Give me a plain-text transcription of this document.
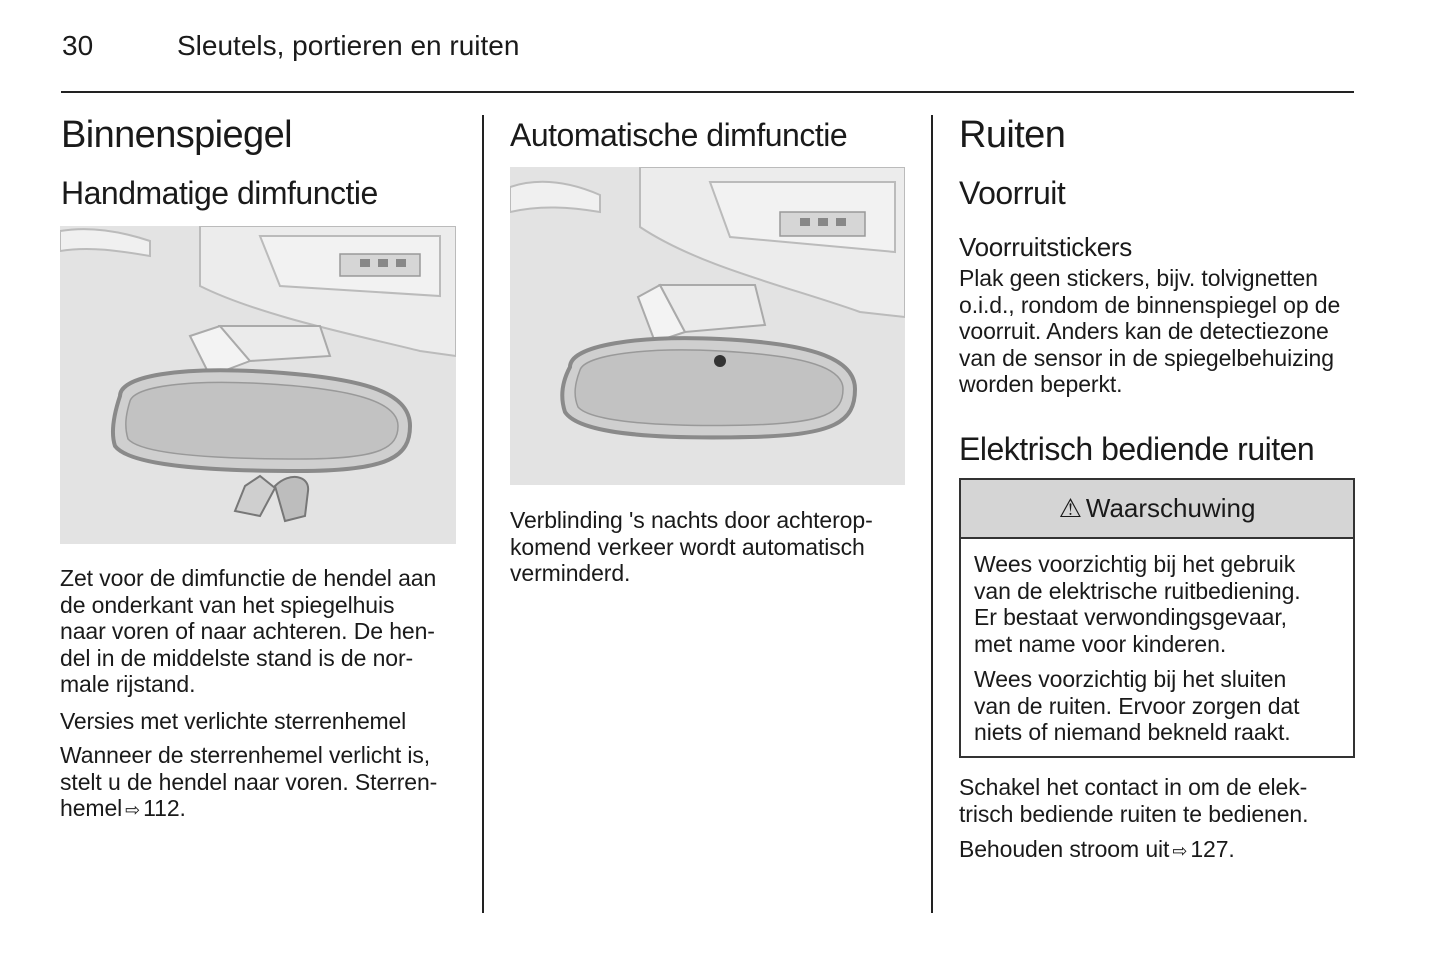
30	Sleutels, portieren en ruiten
Binnenspiegel
Handmatige dimfunctie

Zet voor de dimfunctie de hendel aan

de onderkant van het spiegelhuis

naar voren of naar achteren. De hen-

del in de middelste stand is de nor-

male rijstand.

Versies met verlichte sterrenhemel

Wanneer de sterrenhemel verlicht is,

stelt u de hendel naar voren. Sterren-

hemel ⇨ 112.

Automatische dimfunctie

Verblinding 's nachts door achterop-

komend verkeer wordt automatisch

verminderd.

Ruiten
Voorruit
Voorruitstickers

Plak geen stickers, bijv. tolvignetten

o.i.d., rondom de binnenspiegel op de

voorruit. Anders kan de detectiezone

van de sensor in de spiegelbehuizing

worden beperkt.

Elektrisch bediende ruiten
⚠ Waarschuwing

Wees voorzichtig bij het gebruik

van de elektrische ruitbediening.

Er bestaat verwondingsgevaar,

met name voor kinderen.

Wees voorzichtig bij het sluiten

van de ruiten. Ervoor zorgen dat

niets of niemand bekneld raakt.

Schakel het contact in om de elek-

trisch bediende ruiten te bedienen.

Behouden stroom uit ⇨ 127.
